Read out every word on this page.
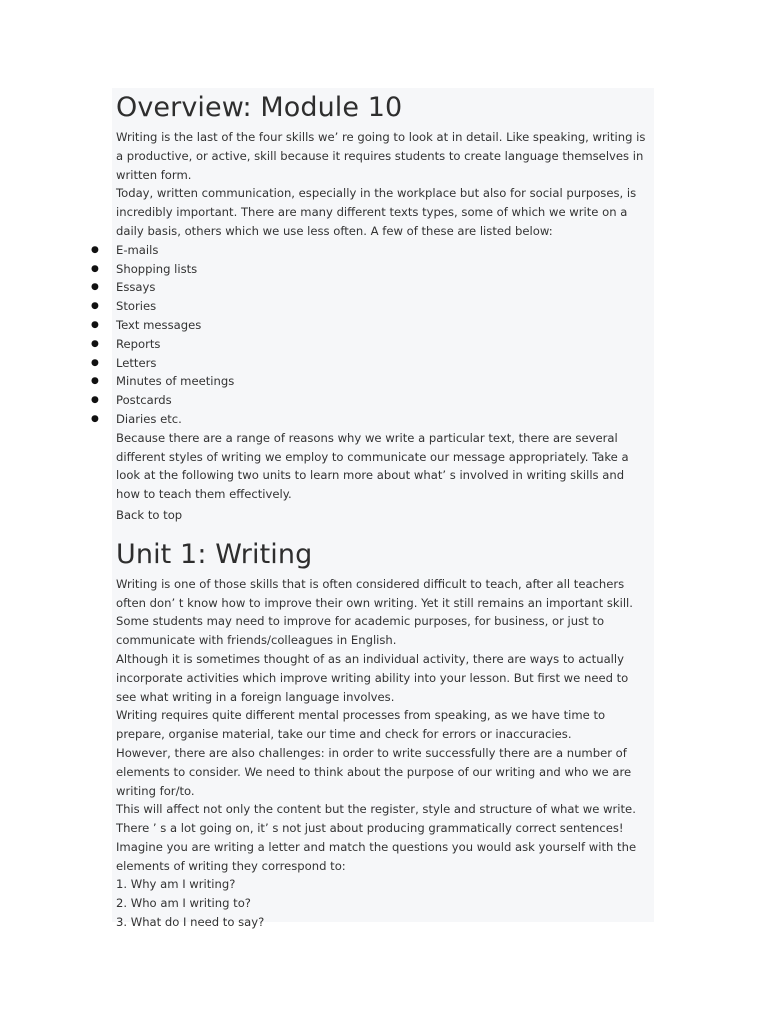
Overview: Module 10

Writing is the last of the four skills we’ re going to look at in detail. Like speaking, writing is a productive, or active, skill because it requires students to create language themselves in written form.

Today, written communication, especially in the workplace but also for social purposes, is incredibly important. There are many different texts types, some of which we write on a daily basis, others which we use less often. A few of these are listed below:

● E-mails
● Shopping lists
● Essays
● Stories
● Text messages
● Reports
● Letters
● Minutes of meetings
● Postcards
● Diaries etc.

Because there are a range of reasons why we write a particular text, there are several different styles of writing we employ to communicate our message appropriately. Take a look at the following two units to learn more about what’ s involved in writing skills and how to teach them effectively.

Back to top
Unit 1: Writing

Writing is one of those skills that is often considered difficult to teach, after all teachers often don’ t know how to improve their own writing. Yet it still remains an important skill.

Some students may need to improve for academic purposes, for business, or just to communicate with friends/colleagues in English.

Although it is sometimes thought of as an individual activity, there are ways to actually incorporate activities which improve writing ability into your lesson. But first we need to see what writing in a foreign language involves.

Writing requires quite different mental processes from speaking, as we have time to prepare, organise material, take our time and check for errors or inaccuracies.

However, there are also challenges: in order to write successfully there are a number of elements to consider. We need to think about the purpose of our writing and who we are writing for/to.

This will affect not only the content but the register, style and structure of what we write. There ’ s a lot going on, it’ s not just about producing grammatically correct sentences!

Imagine you are writing a letter and match the questions you would ask yourself with the elements of writing they correspond to:

1. Why am I writing?

2. Who am I writing to?

3. What do I need to say?
